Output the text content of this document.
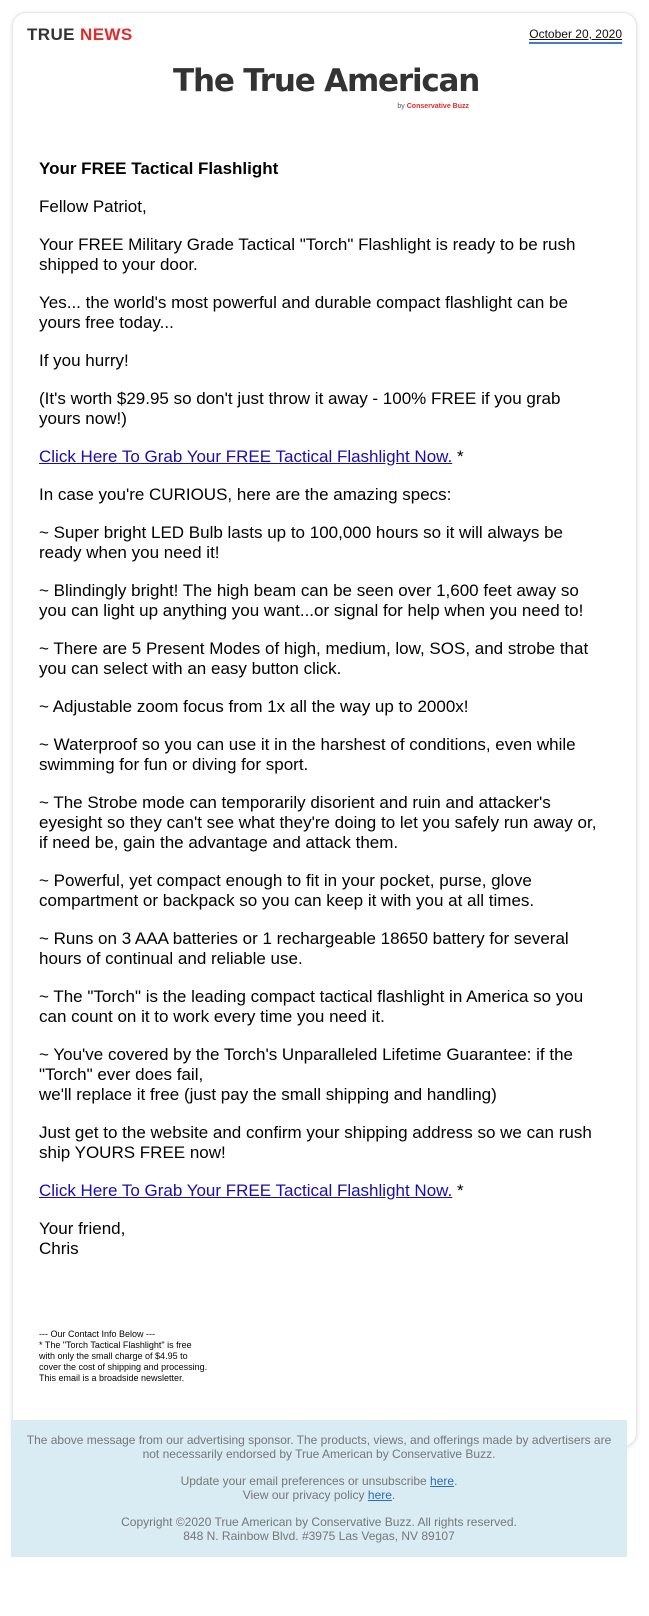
TRUE NEWS	October 20, 2020
The True American
by Conservative Buzz
Your FREE Tactical Flashlight

Fellow Patriot,

Your FREE Military Grade Tactical "Torch" Flashlight is ready to be rush shipped to your door.

Yes... the world's most powerful and durable compact flashlight can be yours free today...

If you hurry!

(It's worth $29.95 so don't just throw it away - 100% FREE if you grab yours now!)

Click Here To Grab Your FREE Tactical Flashlight Now. *

In case you're CURIOUS, here are the amazing specs:

~ Super bright LED Bulb lasts up to 100,000 hours so it will always be ready when you need it!

~ Blindingly bright! The high beam can be seen over 1,600 feet away so you can light up anything you want...or signal for help when you need to!

~ There are 5 Present Modes of high, medium, low, SOS, and strobe that you can select with an easy button click.

~ Adjustable zoom focus from 1x all the way up to 2000x!

~ Waterproof so you can use it in the harshest of conditions, even while swimming for fun or diving for sport.

~ The Strobe mode can temporarily disorient and ruin and attacker's eyesight so they can't see what they're doing to let you safely run away or, if need be, gain the advantage and attack them.

~ Powerful, yet compact enough to fit in your pocket, purse, glove compartment or backpack so you can keep it with you at all times.

~ Runs on 3 AAA batteries or 1 rechargeable 18650 battery for several hours of continual and reliable use.

~ The "Torch" is the leading compact tactical flashlight in America so you can count on it to work every time you need it.

~ You've covered by the Torch's Unparalleled Lifetime Guarantee: if the "Torch" ever does fail,
we'll replace it free (just pay the small shipping and handling)

Just get to the website and confirm your shipping address so we can rush ship YOURS FREE now!

Click Here To Grab Your FREE Tactical Flashlight Now. *

Your friend,
Chris

--- Our Contact Info Below ---
* The "Torch Tactical Flashlight" is free
with only the small charge of $4.95 to
cover the cost of shipping and processing.
This email is a broadside newsletter.

The above message from our advertising sponsor. The products, views, and offerings made by advertisers are not necessarily endorsed by True American by Conservative Buzz.

Update your email preferences or unsubscribe here.
View our privacy policy here.

Copyright ©2020 True American by Conservative Buzz. All rights reserved.
848 N. Rainbow Blvd. #3975 Las Vegas, NV 89107
